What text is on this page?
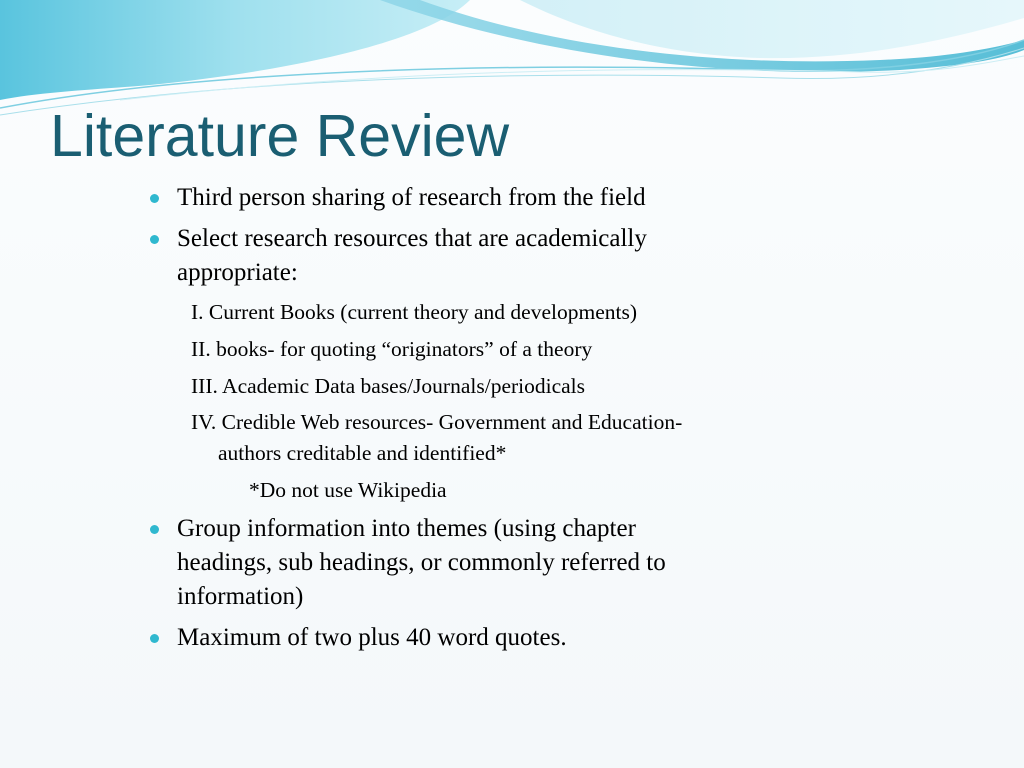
Literature Review
Third person sharing of research from the field
Select research resources that are academically
appropriate:
I. Current Books (current theory and developments)
II. books- for quoting “originators” of a theory
III. Academic Data bases/Journals/periodicals
IV. Credible Web resources- Government and Education-
authors creditable and identified*
*Do not use Wikipedia
Group information into themes (using chapter
headings, sub headings, or commonly referred to
information)
Maximum of two plus 40 word quotes.
